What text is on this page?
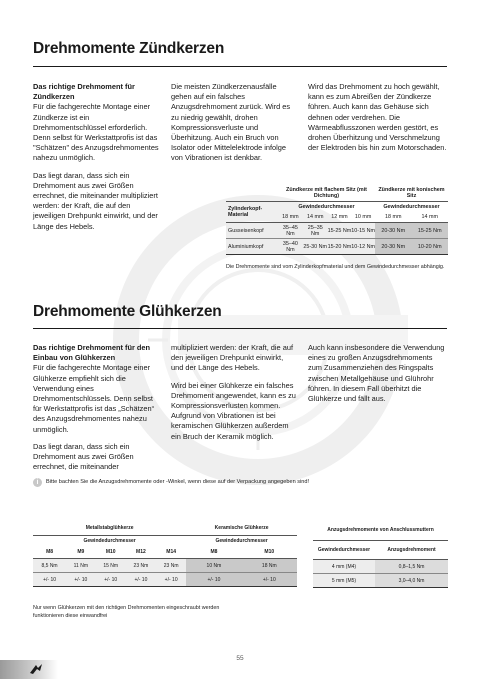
Drehmomente Zündkerzen

Das richtige Drehmoment für Zündkerzen
Für die fachgerechte Montage einer Zündkerze ist ein Drehmomentschlüssel erforderlich. Denn selbst für Werkstattprofis ist das "Schätzen" des Anzugsdrehmomentes nahezu unmöglich.

Das liegt daran, dass sich ein Drehmoment aus zwei Größen errechnet, die miteinander multipliziert werden: der Kraft, die auf den jeweiligen Drehpunkt einwirkt, und der Länge des Hebels.

Die meisten Zündkerzenausfälle gehen auf ein falsches Anzugsdrehmoment zurück. Wird es zu niedrig gewählt, drohen Kompressionsverluste und Überhitzung. Auch ein Bruch von Isolator oder Mittelelektrode infolge von Vibrationen ist denkbar.

Wird das Drehmoment zu hoch gewählt, kann es zum Abreißen der Zündkerze führen. Auch kann das Gehäuse sich dehnen oder verdrehen. Die Wärmeabflusszonen werden gestört, es drohen Überhitzung und Verschmelzung der Elektroden bis hin zum Motorschaden.

	Zündkerze mit flachem Sitz (mit Dichtung)				Zündkerze mit konischem Sitz	
Zylinderkopf-Material	Gewindedurchmesser				Gewindedurchmesser	
	18 mm	14 mm	12 mm	10 mm	18 mm	14 mm
Gusseisenkopf	35–45 Nm	25–35 Nm	15-25 Nm	10-15 Nm	20-30 Nm	15-25 Nm
Aluminiumkopf	35–40 Nm	25-30 Nm	15-20 Nm	10-12 Nm	20-30 Nm	10-20 Nm
Die Drehmomente sind vom Zylinderkopfmaterial und dem Gewindedurchmesser abhängig.
Drehmomente Glühkerzen

Das richtige Drehmoment für den Einbau von Glühkerzen
Für die fachgerechte Montage einer Glühkerze empfiehlt sich die Verwendung eines Drehmomentschlüssels. Denn selbst für Werkstattprofis ist das „Schätzen“ des Anzugsdrehmomentes nahezu unmöglich.

Das liegt daran, dass sich ein Drehmoment aus zwei Größen errechnet, die miteinander

multipliziert werden: der Kraft, die auf den jeweiligen Drehpunkt einwirkt, und der Länge des Hebels.

Wird bei einer Glühkerze ein falsches Drehmoment angewendet, kann es zu Kompressionsverlusten kommen. Aufgrund von Vibrationen ist bei keramischen Glühkerzen außerdem ein Bruch der Keramik möglich.

Auch kann insbesondere die Verwendung eines zu großen Anzugsdrehmoments zum Zusammenziehen des Ringspalts zwischen Metallgehäuse und Glührohr führen. In diesem Fall überhitzt die Glühkerze und fällt aus.

i	Bitte bachten Sie die Anzugsdrehmomente oder -Winkel, wenn diese auf der Verpackung angegeben sind!
Metallstabglühkerze					Keramische Glühkerze	
Gewindedurchmesser					Gewindedurchmesser	
M8	M9	M10	M12	M14	M8	M10
8,5 Nm	11 Nm	15 Nm	23 Nm	23 Nm	10 Nm	18 Nm
+/- 10	+/- 10	+/- 10	+/- 10	+/- 10	+/- 10	+/- 10
Anzugsdrehmomente von Anschlussmuttern	
Gewindedurchmesser	Anzugsdrehmoment
4 mm (M4)	0,8–1,5 Nm
5 mm (M5)	3,0–4,0 Nm
Nur wenn Glühkerzen mit den richtigen Drehmomenten eingeschraubt werden funktionieren diese einwandfrei
55
